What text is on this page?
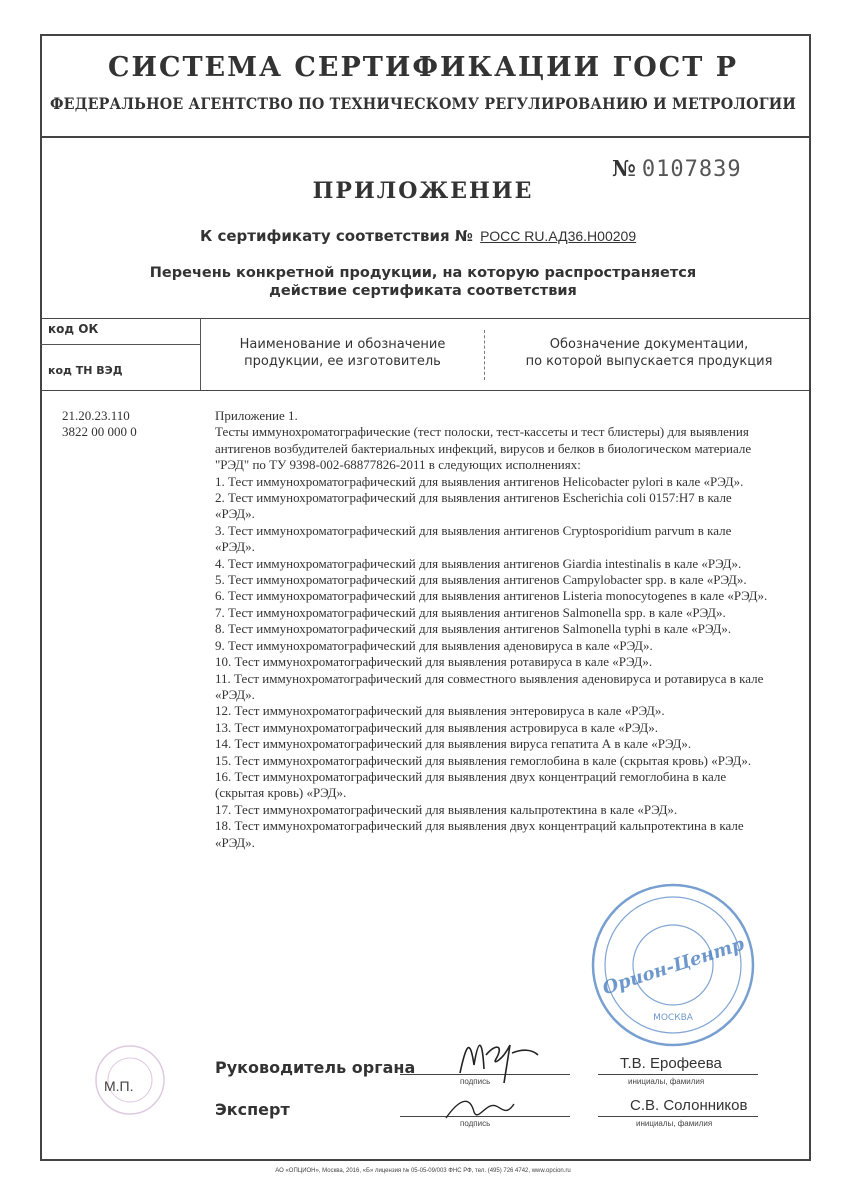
СИСТЕМА СЕРТИФИКАЦИИ ГОСТ Р
ФЕДЕРАЛЬНОЕ АГЕНТСТВО ПО ТЕХНИЧЕСКОМУ РЕГУЛИРОВАНИЮ И МЕТРОЛОГИИ
№ 0107839
ПРИЛОЖЕНИЕ
К сертификату соответствия № РОСС RU.АД36.Н00209
Перечень конкретной продукции, на которую распространяется
действие сертификата соответствия
код ОК
код ТН ВЭД
Наименование и обозначение
продукции, ее изготовитель
Обозначение документации,
по которой выпускается продукция
21.20.23.110
3822 00 000 0

Приложение 1.

Тесты иммунохроматографические (тест полоски, тест-кассеты и тест блистеры) для выявления антигенов возбудителей бактериальных инфекций, вирусов и белков в биологическом материале "РЭД" по ТУ 9398-002-68877826-2011 в следующих исполнениях:

1. Тест иммунохроматографический для выявления антигенов Helicobacter pylori в кале «РЭД».

2. Тест иммунохроматографический для выявления антигенов Escherichia coli 0157:H7 в кале «РЭД».

3. Тест иммунохроматографический для выявления антигенов Cryptosporidium parvum в кале «РЭД».

4. Тест иммунохроматографический для выявления антигенов Giardia intestinalis в кале «РЭД».

5. Тест иммунохроматографический для выявления антигенов Campylobacter spp. в кале «РЭД».

6. Тест иммунохроматографический для выявления антигенов Listeria monocytogenes в кале «РЭД».

7. Тест иммунохроматографический для выявления антигенов Salmonella spp. в кале «РЭД».

8. Тест иммунохроматографический для выявления антигенов Salmonella typhi в кале «РЭД».

9. Тест иммунохроматографический для выявления аденовируса в кале «РЭД».

10. Тест иммунохроматографический для выявления ротавируса в кале «РЭД».

11. Тест иммунохроматографический для совместного выявления аденовируса и ротавируса в кале «РЭД».

12. Тест иммунохроматографический для выявления энтеровируса в кале «РЭД».

13. Тест иммунохроматографический для выявления астровируса в кале «РЭД».

14. Тест иммунохроматографический для выявления вируса гепатита А в кале «РЭД».

15. Тест иммунохроматографический для выявления гемоглобина в кале (скрытая кровь) «РЭД».

16. Тест иммунохроматографический для выявления двух концентраций гемоглобина в кале (скрытая кровь) «РЭД».

17. Тест иммунохроматографический для выявления кальпротектина в кале «РЭД».

18. Тест иммунохроматографический для выявления двух концентраций кальпротектина в кале «РЭД».

Орион-Центр
МОСКВА
М.П.
Руководитель органа
подпись
Т.В. Ерофеева
инициалы, фамилия
Эксперт
подпись
С.В. Солонников
инициалы, фамилия
АО «ОПЦИОН», Москва, 2016, «Б» лицензия № 05-05-09/003 ФНС РФ, тел. (495) 726 4742, www.opcion.ru
